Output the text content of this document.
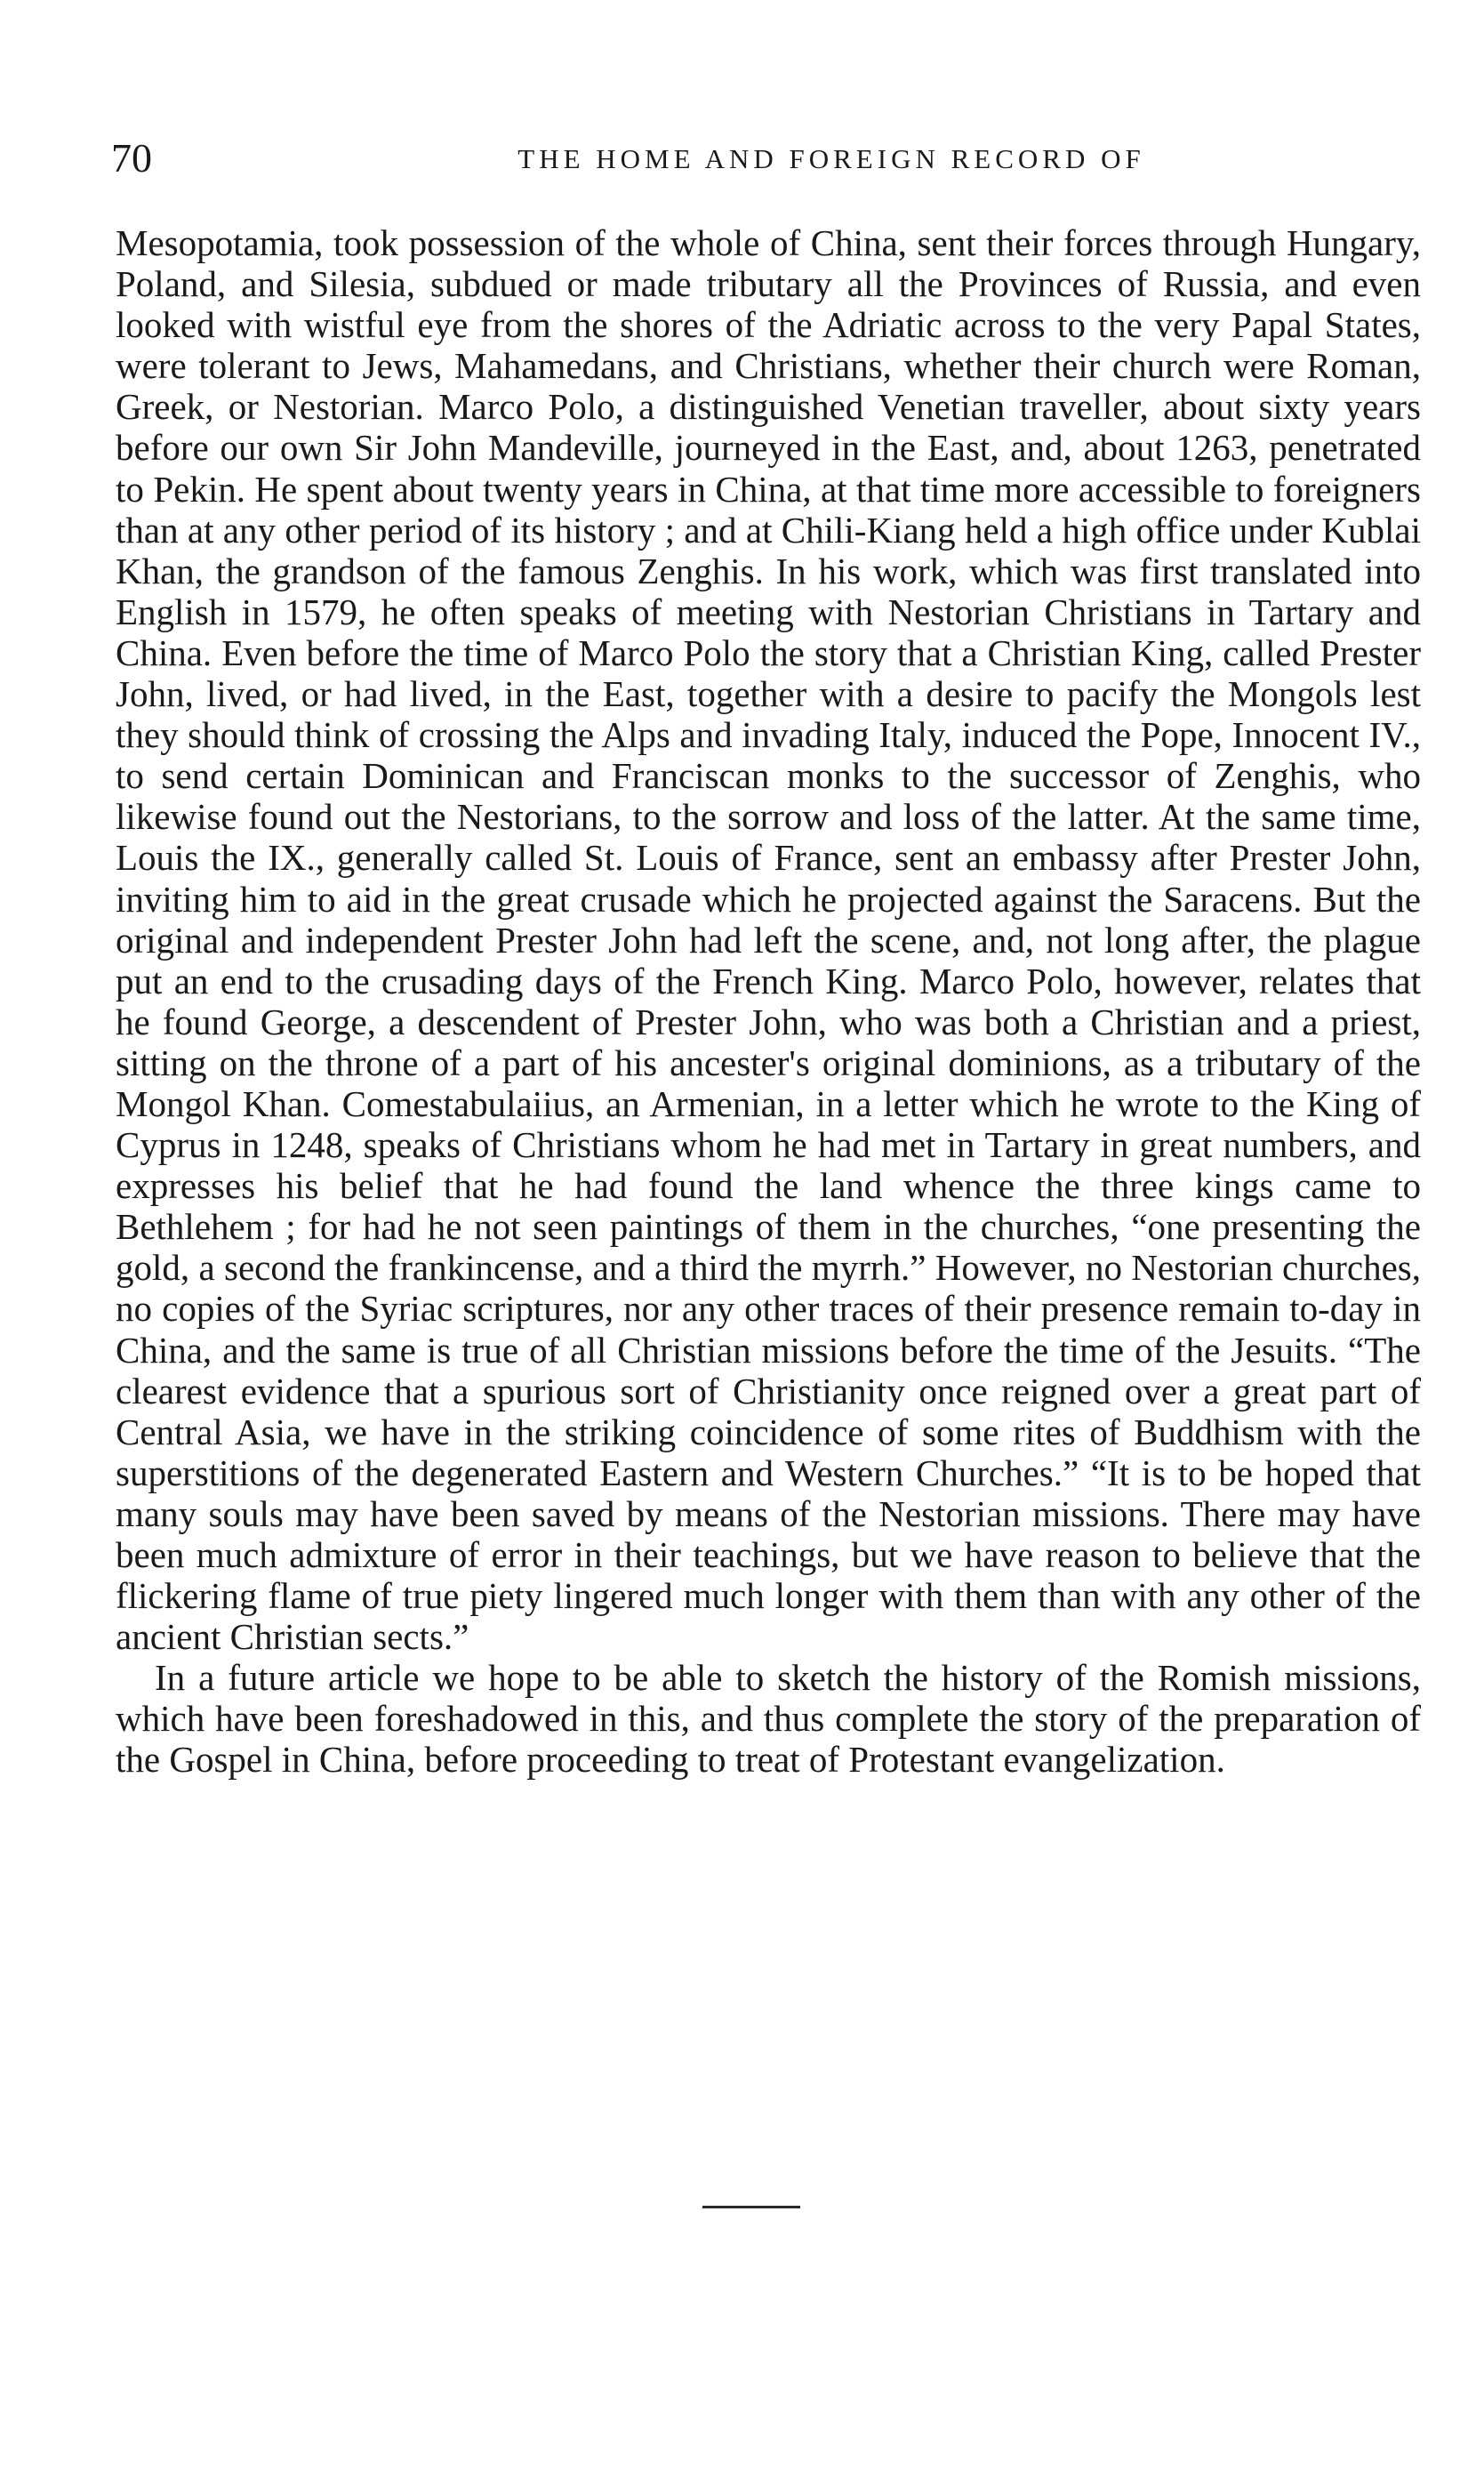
70	THE HOME AND FOREIGN RECORD OF

Mesopotamia, took possession of the whole of China, sent their forces through Hungary, Poland, and Silesia, subdued or made tributary all the Provinces of Russia, and even looked with wistful eye from the shores of the Adriatic across to the very Papal States, were tolerant to Jews, Mahamedans, and Christians, whether their church were Roman, Greek, or Nestorian. Marco Polo, a distinguished Venetian traveller, about sixty years before our own Sir John Mandeville, journeyed in the East, and, about 1263, penetrated to Pekin. He spent about twenty years in China, at that time more accessible to foreigners than at any other period of its history ; and at Chili-Kiang held a high office under Kublai Khan, the grandson of the famous Zenghis. In his work, which was first translated into English in 1579, he often speaks of meeting with Nestorian Christians in Tartary and China. Even before the time of Marco Polo the story that a Christian King, called Prester John, lived, or had lived, in the East, together with a desire to pacify the Mongols lest they should think of crossing the Alps and invading Italy, induced the Pope, Innocent IV., to send certain Dominican and Franciscan monks to the successor of Zenghis, who likewise found out the Nestorians, to the sorrow and loss of the latter. At the same time, Louis the IX., generally called St. Louis of France, sent an embassy after Prester John, inviting him to aid in the great crusade which he projected against the Saracens. But the original and independent Prester John had left the scene, and, not long after, the plague put an end to the crusading days of the French King. Marco Polo, however, relates that he found George, a descendent of Prester John, who was both a Christian and a priest, sitting on the throne of a part of his ancester's original dominions, as a tributary of the Mongol Khan. Comestabulaiius, an Armenian, in a letter which he wrote to the King of Cyprus in 1248, speaks of Christians whom he had met in Tartary in great numbers, and expresses his belief that he had found the land whence the three kings came to Bethlehem ; for had he not seen paintings of them in the churches, “one presenting the gold, a second the frankincense, and a third the myrrh.” However, no Nestorian churches, no copies of the Syriac scriptures, nor any other traces of their presence remain to-day in China, and the same is true of all Christian missions before the time of the Jesuits. “The clearest evidence that a spurious sort of Christianity once reigned over a great part of Central Asia, we have in the striking coincidence of some rites of Buddhism with the superstitions of the degenerated Eastern and Western Churches.” “It is to be hoped that many souls may have been saved by means of the Nestorian missions. There may have been much admixture of error in their teachings, but we have reason to believe that the flickering flame of true piety lingered much longer with them than with any other of the ancient Christian sects.”

In a future article we hope to be able to sketch the history of the Romish missions, which have been foreshadowed in this, and thus complete the story of the preparation of the Gospel in China, before proceeding to treat of Protestant evangelization.
